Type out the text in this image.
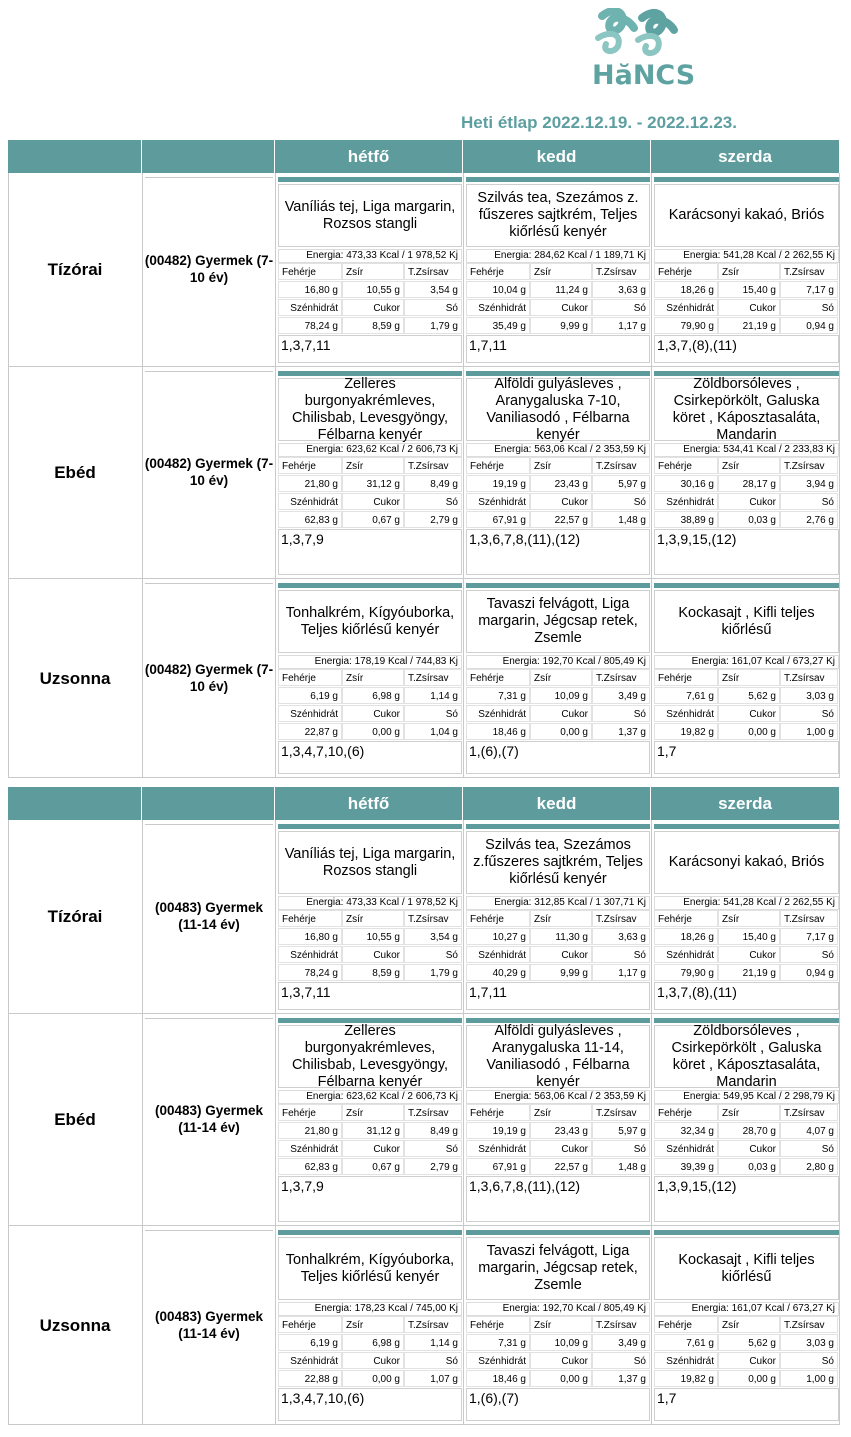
HăNCS
Heti étlap 2022.12.19. - 2022.12.23.
hétfő	kedd	szerda
Tízórai	(00482) Gyermek (7-10 év)
Vaníliás tej, Liga margarin, Rozsos stangli
Energia: 473,33 Kcal / 1 978,52 Kj
Fehérje	Zsír	T.Zsírsav
16,80 g	10,55 g	3,54 g
Szénhidrát	Cukor	Só
78,24 g	8,59 g	1,79 g
1,3,7,11
Szilvás tea, Szezámos z. fűszeres sajtkrém, Teljes kiőrlésű kenyér
Energia: 284,62 Kcal / 1 189,71 Kj
Fehérje	Zsír	T.Zsírsav
10,04 g	11,24 g	3,63 g
Szénhidrát	Cukor	Só
35,49 g	9,99 g	1,17 g
1,7,11
Karácsonyi kakaó, Briós
Energia: 541,28 Kcal / 2 262,55 Kj
Fehérje	Zsír	T.Zsírsav
18,26 g	15,40 g	7,17 g
Szénhidrát	Cukor	Só
79,90 g	21,19 g	0,94 g
1,3,7,(8),(11)
Ebéd	(00482) Gyermek (7-10 év)
Zelleres burgonyakrémleves, Chilisbab, Levesgyöngy, Félbarna kenyér
Energia: 623,62 Kcal / 2 606,73 Kj
Fehérje	Zsír	T.Zsírsav
21,80 g	31,12 g	8,49 g
Szénhidrát	Cukor	Só
62,83 g	0,67 g	2,79 g
1,3,7,9
Alföldi gulyásleves , Aranygaluska 7-10, Vaniliasodó , Félbarna kenyér
Energia: 563,06 Kcal / 2 353,59 Kj
Fehérje	Zsír	T.Zsírsav
19,19 g	23,43 g	5,97 g
Szénhidrát	Cukor	Só
67,91 g	22,57 g	1,48 g
1,3,6,7,8,(11),(12)
Zöldborsóleves , Csirkepörkölt, Galuska köret , Káposztasaláta, Mandarin
Energia: 534,41 Kcal / 2 233,83 Kj
Fehérje	Zsír	T.Zsírsav
30,16 g	28,17 g	3,94 g
Szénhidrát	Cukor	Só
38,89 g	0,03 g	2,76 g
1,3,9,15,(12)
Uzsonna	(00482) Gyermek (7-10 év)
Tonhalkrém, Kígyóuborka, Teljes kiőrlésű kenyér
Energia: 178,19 Kcal / 744,83 Kj
Fehérje	Zsír	T.Zsírsav
6,19 g	6,98 g	1,14 g
Szénhidrát	Cukor	Só
22,87 g	0,00 g	1,04 g
1,3,4,7,10,(6)
Tavaszi felvágott, Liga margarin, Jégcsap retek, Zsemle
Energia: 192,70 Kcal / 805,49 Kj
Fehérje	Zsír	T.Zsírsav
7,31 g	10,09 g	3,49 g
Szénhidrát	Cukor	Só
18,46 g	0,00 g	1,37 g
1,(6),(7)
Kockasajt , Kifli teljes kiőrlésű
Energia: 161,07 Kcal / 673,27 Kj
Fehérje	Zsír	T.Zsírsav
7,61 g	5,62 g	3,03 g
Szénhidrát	Cukor	Só
19,82 g	0,00 g	1,00 g
1,7
hétfő	kedd	szerda
Tízórai	(00483) Gyermek (11-14 év)
Vaníliás tej, Liga margarin, Rozsos stangli
Energia: 473,33 Kcal / 1 978,52 Kj
Fehérje	Zsír	T.Zsírsav
16,80 g	10,55 g	3,54 g
Szénhidrát	Cukor	Só
78,24 g	8,59 g	1,79 g
1,3,7,11
Szilvás tea, Szezámos z.fűszeres sajtkrém, Teljes kiőrlésű kenyér
Energia: 312,85 Kcal / 1 307,71 Kj
Fehérje	Zsír	T.Zsírsav
10,27 g	11,30 g	3,63 g
Szénhidrát	Cukor	Só
40,29 g	9,99 g	1,17 g
1,7,11
Karácsonyi kakaó, Briós
Energia: 541,28 Kcal / 2 262,55 Kj
Fehérje	Zsír	T.Zsírsav
18,26 g	15,40 g	7,17 g
Szénhidrát	Cukor	Só
79,90 g	21,19 g	0,94 g
1,3,7,(8),(11)
Ebéd	(00483) Gyermek (11-14 év)
Zelleres burgonyakrémleves, Chilisbab, Levesgyöngy, Félbarna kenyér
Energia: 623,62 Kcal / 2 606,73 Kj
Fehérje	Zsír	T.Zsírsav
21,80 g	31,12 g	8,49 g
Szénhidrát	Cukor	Só
62,83 g	0,67 g	2,79 g
1,3,7,9
Alföldi gulyásleves , Aranygaluska 11-14, Vaniliasodó , Félbarna kenyér
Energia: 563,06 Kcal / 2 353,59 Kj
Fehérje	Zsír	T.Zsírsav
19,19 g	23,43 g	5,97 g
Szénhidrát	Cukor	Só
67,91 g	22,57 g	1,48 g
1,3,6,7,8,(11),(12)
Zöldborsóleves , Csirkepörkölt , Galuska köret , Káposztasaláta, Mandarin
Energia: 549,95 Kcal / 2 298,79 Kj
Fehérje	Zsír	T.Zsírsav
32,34 g	28,70 g	4,07 g
Szénhidrát	Cukor	Só
39,39 g	0,03 g	2,80 g
1,3,9,15,(12)
Uzsonna	(00483) Gyermek (11-14 év)
Tonhalkrém, Kígyóuborka, Teljes kiőrlésű kenyér
Energia: 178,23 Kcal / 745,00 Kj
Fehérje	Zsír	T.Zsírsav
6,19 g	6,98 g	1,14 g
Szénhidrát	Cukor	Só
22,88 g	0,00 g	1,07 g
1,3,4,7,10,(6)
Tavaszi felvágott, Liga margarin, Jégcsap retek, Zsemle
Energia: 192,70 Kcal / 805,49 Kj
Fehérje	Zsír	T.Zsírsav
7,31 g	10,09 g	3,49 g
Szénhidrát	Cukor	Só
18,46 g	0,00 g	1,37 g
1,(6),(7)
Kockasajt , Kifli teljes kiőrlésű
Energia: 161,07 Kcal / 673,27 Kj
Fehérje	Zsír	T.Zsírsav
7,61 g	5,62 g	3,03 g
Szénhidrát	Cukor	Só
19,82 g	0,00 g	1,00 g
1,7
